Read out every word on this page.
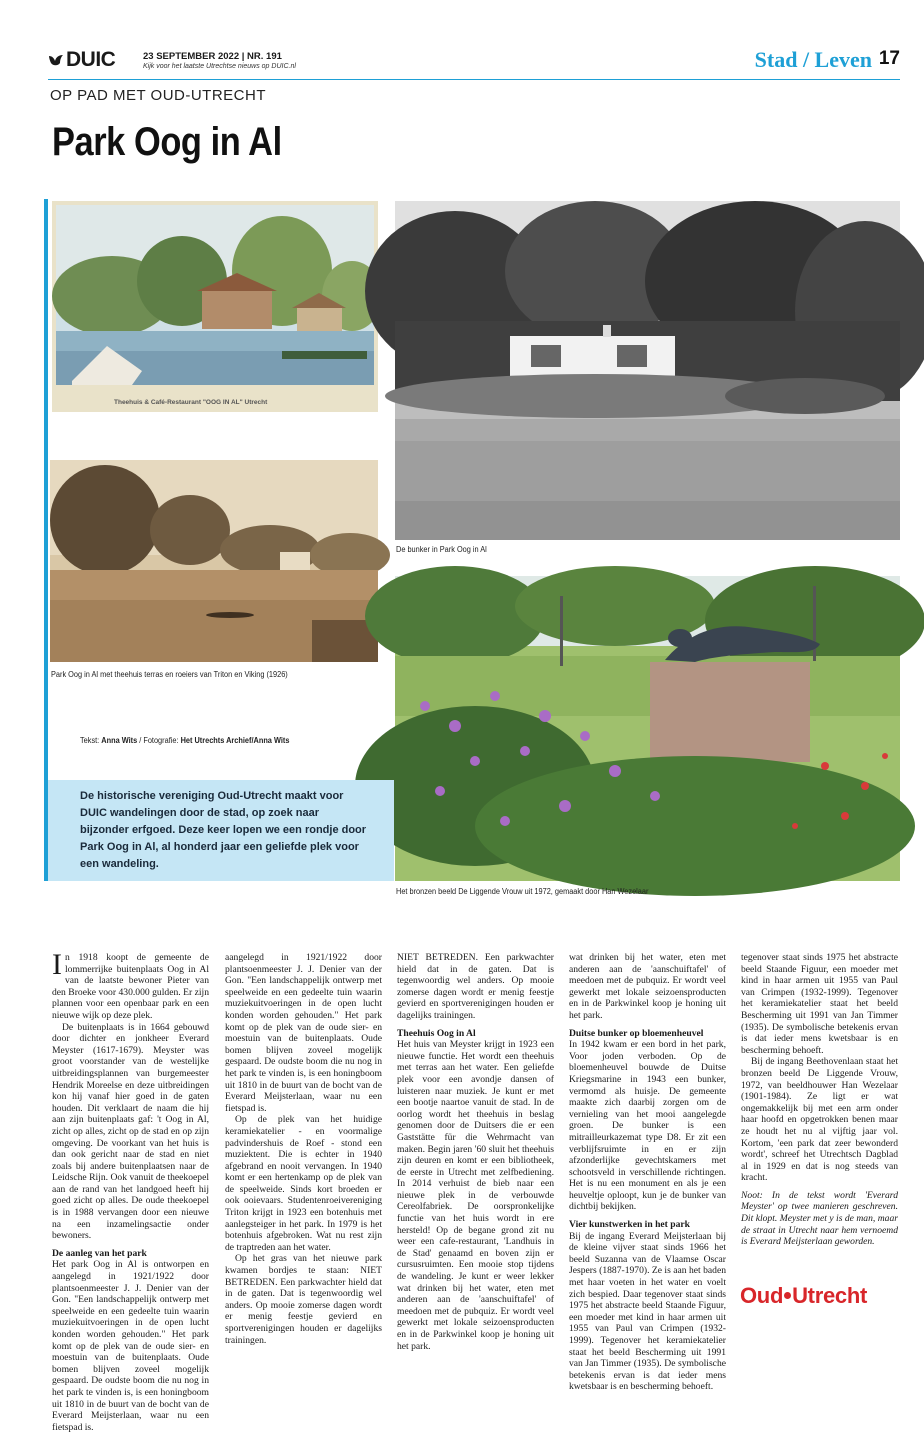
DUIC	23 SEPTEMBER 2022 | NR. 191
Kijk voor het laatste Utrechtse nieuws op DUIC.nl	Stad / Leven 17
OP PAD MET OUD-UTRECHT
Park Oog in Al
Theehuis & Café-Restaurant "OOG IN AL" Utrecht
Park Oog in Al met theehuis terras en roeiers van Triton en Viking (1926)
De bunker in Park Oog in Al
Het bronzen beeld De Liggende Vrouw uit 1972, gemaakt door Han Wezelaar
Tekst: Anna Wits / Fotografie: Het Utrechts Archief/Anna Wits
De historische vereniging Oud-Utrecht maakt voor DUIC wandelingen door de stad, op zoek naar bijzonder erfgoed. Deze keer lopen we een rondje door Park Oog in Al, al honderd jaar een geliefde plek voor een wandeling.

In 1918 koopt de gemeente de lommerrijke buitenplaats Oog in Al van de laatste bewoner Pieter van den Broeke voor 430.000 gulden. Er zijn plannen voor een openbaar park en een nieuwe wijk op deze plek.

De buitenplaats is in 1664 gebouwd door dichter en jonkheer Everard Meyster (1617-1679). Meyster was groot voorstander van de westelijke uitbreidingsplannen van burgemeester Hendrik Moreelse en deze uitbreidingen kon hij vanaf hier goed in de gaten houden. Dit verklaart de naam die hij aan zijn buitenplaats gaf: 't Oog in Al, zicht op alles, zicht op de stad en op zijn omgeving. De voorkant van het huis is dan ook gericht naar de stad en niet zoals bij andere buitenplaatsen naar de Leidsche Rijn. Ook vanuit de theekoepel aan de rand van het landgoed heeft hij goed zicht op alles. De oude theekoepel is in 1988 vervangen door een nieuwe na een inzamelingsactie onder bewoners.

De aanleg van het park

Het park Oog in Al is ontworpen en aangelegd in 1921/1922 door plantsoenmeester J. J. Denier van der Gon. "Een landschappelijk ontwerp met speelweide en een gedeelte tuin waarin muziekuitvoeringen in de open lucht konden worden gehouden." Het park komt op de plek van de oude sier- en moestuin van de buitenplaats. Oude bomen blijven zoveel mogelijk gespaard. De oudste boom die nu nog in het park te vinden is, is een honingboom uit 1810 in de buurt van de bocht van de Everard Meijsterlaan, waar nu een fietspad is.

aangelegd in 1921/1922 door plantsoenmeester J. J. Denier van der Gon. "Een landschappelijk ontwerp met speelweide en een gedeelte tuin waarin muziekuitvoeringen in de open lucht konden worden gehouden." Het park komt op de plek van de oude sier- en moestuin van de buitenplaats. Oude bomen blijven zoveel mogelijk gespaard. De oudste boom die nu nog in het park te vinden is, is een honingboom uit 1810 in de buurt van de bocht van de Everard Meijsterlaan, waar nu een fietspad is.

Op de plek van het huidige keramiekatelier - en voormalige padvindershuis de Roef - stond een muziektent. Die is echter in 1940 afgebrand en nooit vervangen. In 1940 komt er een hertenkamp op de plek van de speelweide. Sinds kort broeden er ook ooievaars. Studentenroeivereniging Triton krijgt in 1923 een botenhuis met aanlegsteiger in het park. In 1979 is het botenhuis afgebroken. Wat nu rest zijn de traptreden aan het water.

Op het gras van het nieuwe park kwamen bordjes te staan: NIET BETREDEN. Een parkwachter hield dat in de gaten. Dat is tegenwoordig wel anders. Op mooie zomerse dagen wordt er menig feestje gevierd en sportverenigingen houden er dagelijks trainingen.

NIET BETREDEN. Een parkwachter hield dat in de gaten. Dat is tegenwoordig wel anders. Op mooie zomerse dagen wordt er menig feestje gevierd en sportverenigingen houden er dagelijks trainingen.

Theehuis Oog in Al

Het huis van Meyster krijgt in 1923 een nieuwe functie. Het wordt een theehuis met terras aan het water. Een geliefde plek voor een avondje dansen of luisteren naar muziek. Je kunt er met een bootje naartoe vanuit de stad. In de oorlog wordt het theehuis in beslag genomen door de Duitsers die er een Gaststätte für die Wehrmacht van maken. Begin jaren '60 sluit het theehuis zijn deuren en komt er een bibliotheek, de eerste in Utrecht met zelfbediening. In 2014 verhuist de bieb naar een nieuwe plek in de verbouwde Cereolfabriek. De oorspronkelijke functie van het huis wordt in ere hersteld! Op de begane grond zit nu weer een cafe-restaurant, 'Landhuis in de Stad' genaamd en boven zijn er cursusruimten. Een mooie stop tijdens de wandeling. Je kunt er weer lekker wat drinken bij het water, eten met anderen aan de 'aanschuiftafel' of meedoen met de pubquiz. Er wordt veel gewerkt met lokale seizoensproducten en in de Parkwinkel koop je honing uit het park.

wat drinken bij het water, eten met anderen aan de 'aanschuiftafel' of meedoen met de pubquiz. Er wordt veel gewerkt met lokale seizoensproducten en in de Parkwinkel koop je honing uit het park.

Duitse bunker op bloemenheuvel

In 1942 kwam er een bord in het park, Voor joden verboden. Op de bloemenheuvel bouwde de Duitse Kriegsmarine in 1943 een bunker, vermomd als huisje. De gemeente maakte zich daarbij zorgen om de vernieling van het mooi aangelegde groen. De bunker is een mitrailleurkazemat type D8. Er zit een verblijfsruimte in en er zijn afzonderlijke gevechtskamers met schootsveld in verschillende richtingen. Het is nu een monument en als je een heuveltje oploopt, kun je de bunker van dichtbij bekijken.

Vier kunstwerken in het park

Bij de ingang Everard Meijsterlaan bij de kleine vijver staat sinds 1966 het beeld Suzanna van de Vlaamse Oscar Jespers (1887-1970). Ze is aan het baden met haar voeten in het water en voelt zich bespied. Daar tegenover staat sinds 1975 het abstracte beeld Staande Figuur, een moeder met kind in haar armen uit 1955 van Paul van Crimpen (1932-1999). Tegenover het keramiekatelier staat het beeld Bescherming uit 1991 van Jan Timmer (1935). De symbolische betekenis ervan is dat ieder mens kwetsbaar is en bescherming behoeft.

tegenover staat sinds 1975 het abstracte beeld Staande Figuur, een moeder met kind in haar armen uit 1955 van Paul van Crimpen (1932-1999). Tegenover het keramiekatelier staat het beeld Bescherming uit 1991 van Jan Timmer (1935). De symbolische betekenis ervan is dat ieder mens kwetsbaar is en bescherming behoeft.

Bij de ingang Beethovenlaan staat het bronzen beeld De Liggende Vrouw, 1972, van beeldhouwer Han Wezelaar (1901-1984). Ze ligt er wat ongemakkelijk bij met een arm onder haar hoofd en opgetrokken benen maar ze houdt het nu al vijftig jaar vol. Kortom, 'een park dat zeer bewonderd wordt', schreef het Utrechtsch Dagblad al in 1929 en dat is nog steeds van kracht.

Noot: In de tekst wordt 'Everard Meyster' op twee manieren geschreven. Dit klopt. Meyster met y is de man, maar de straat in Utrecht naar hem vernoemd is Everard Meijsterlaan geworden.

Oud Utrecht
